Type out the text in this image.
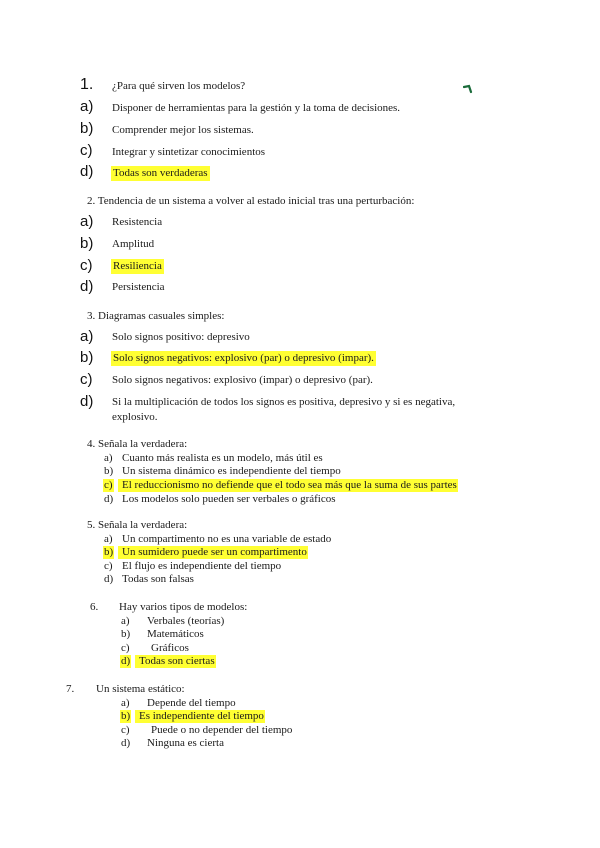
1. ¿Para qué sirven los modelos?
a) Disponer de herramientas para la gestión y la toma de decisiones.
b) Comprender mejor los sistemas.
c) Integrar y sintetizar conocimientos
d) Todas son verdaderas
2. Tendencia de un sistema a volver al estado inicial tras una perturbación:
a) Resistencia
b) Amplitud
c) Resiliencia
d) Persistencia
3. Diagramas casuales simples:
a) Solo signos positivo: depresivo
b) Solo signos negativos: explosivo (par) o depresivo (impar).
c) Solo signos negativos: explosivo (impar) o depresivo (par).
d) Si la multiplicación de todos los signos es positiva, depresivo y si es negativa,
explosivo.
4. Señala la verdadera:
a) Cuanto más realista es un modelo, más útil es
b) Un sistema dinámico es independiente del tiempo
c) El reduccionismo no defiende que el todo sea más que la suma de sus partes
d) Los modelos solo pueden ser verbales o gráficos
5. Señala la verdadera:
a) Un compartimento no es una variable de estado
b) Un sumidero puede ser un compartimento
c) El flujo es independiente del tiempo
d) Todas son falsas
6. Hay varios tipos de modelos:
a) Verbales (teorías)
b) Matemáticos
c) Gráficos
d) Todas son ciertas
7. Un sistema estático:
a) Depende del tiempo
b) Es independiente del tiempo
c) Puede o no depender del tiempo
d) Ninguna es cierta
